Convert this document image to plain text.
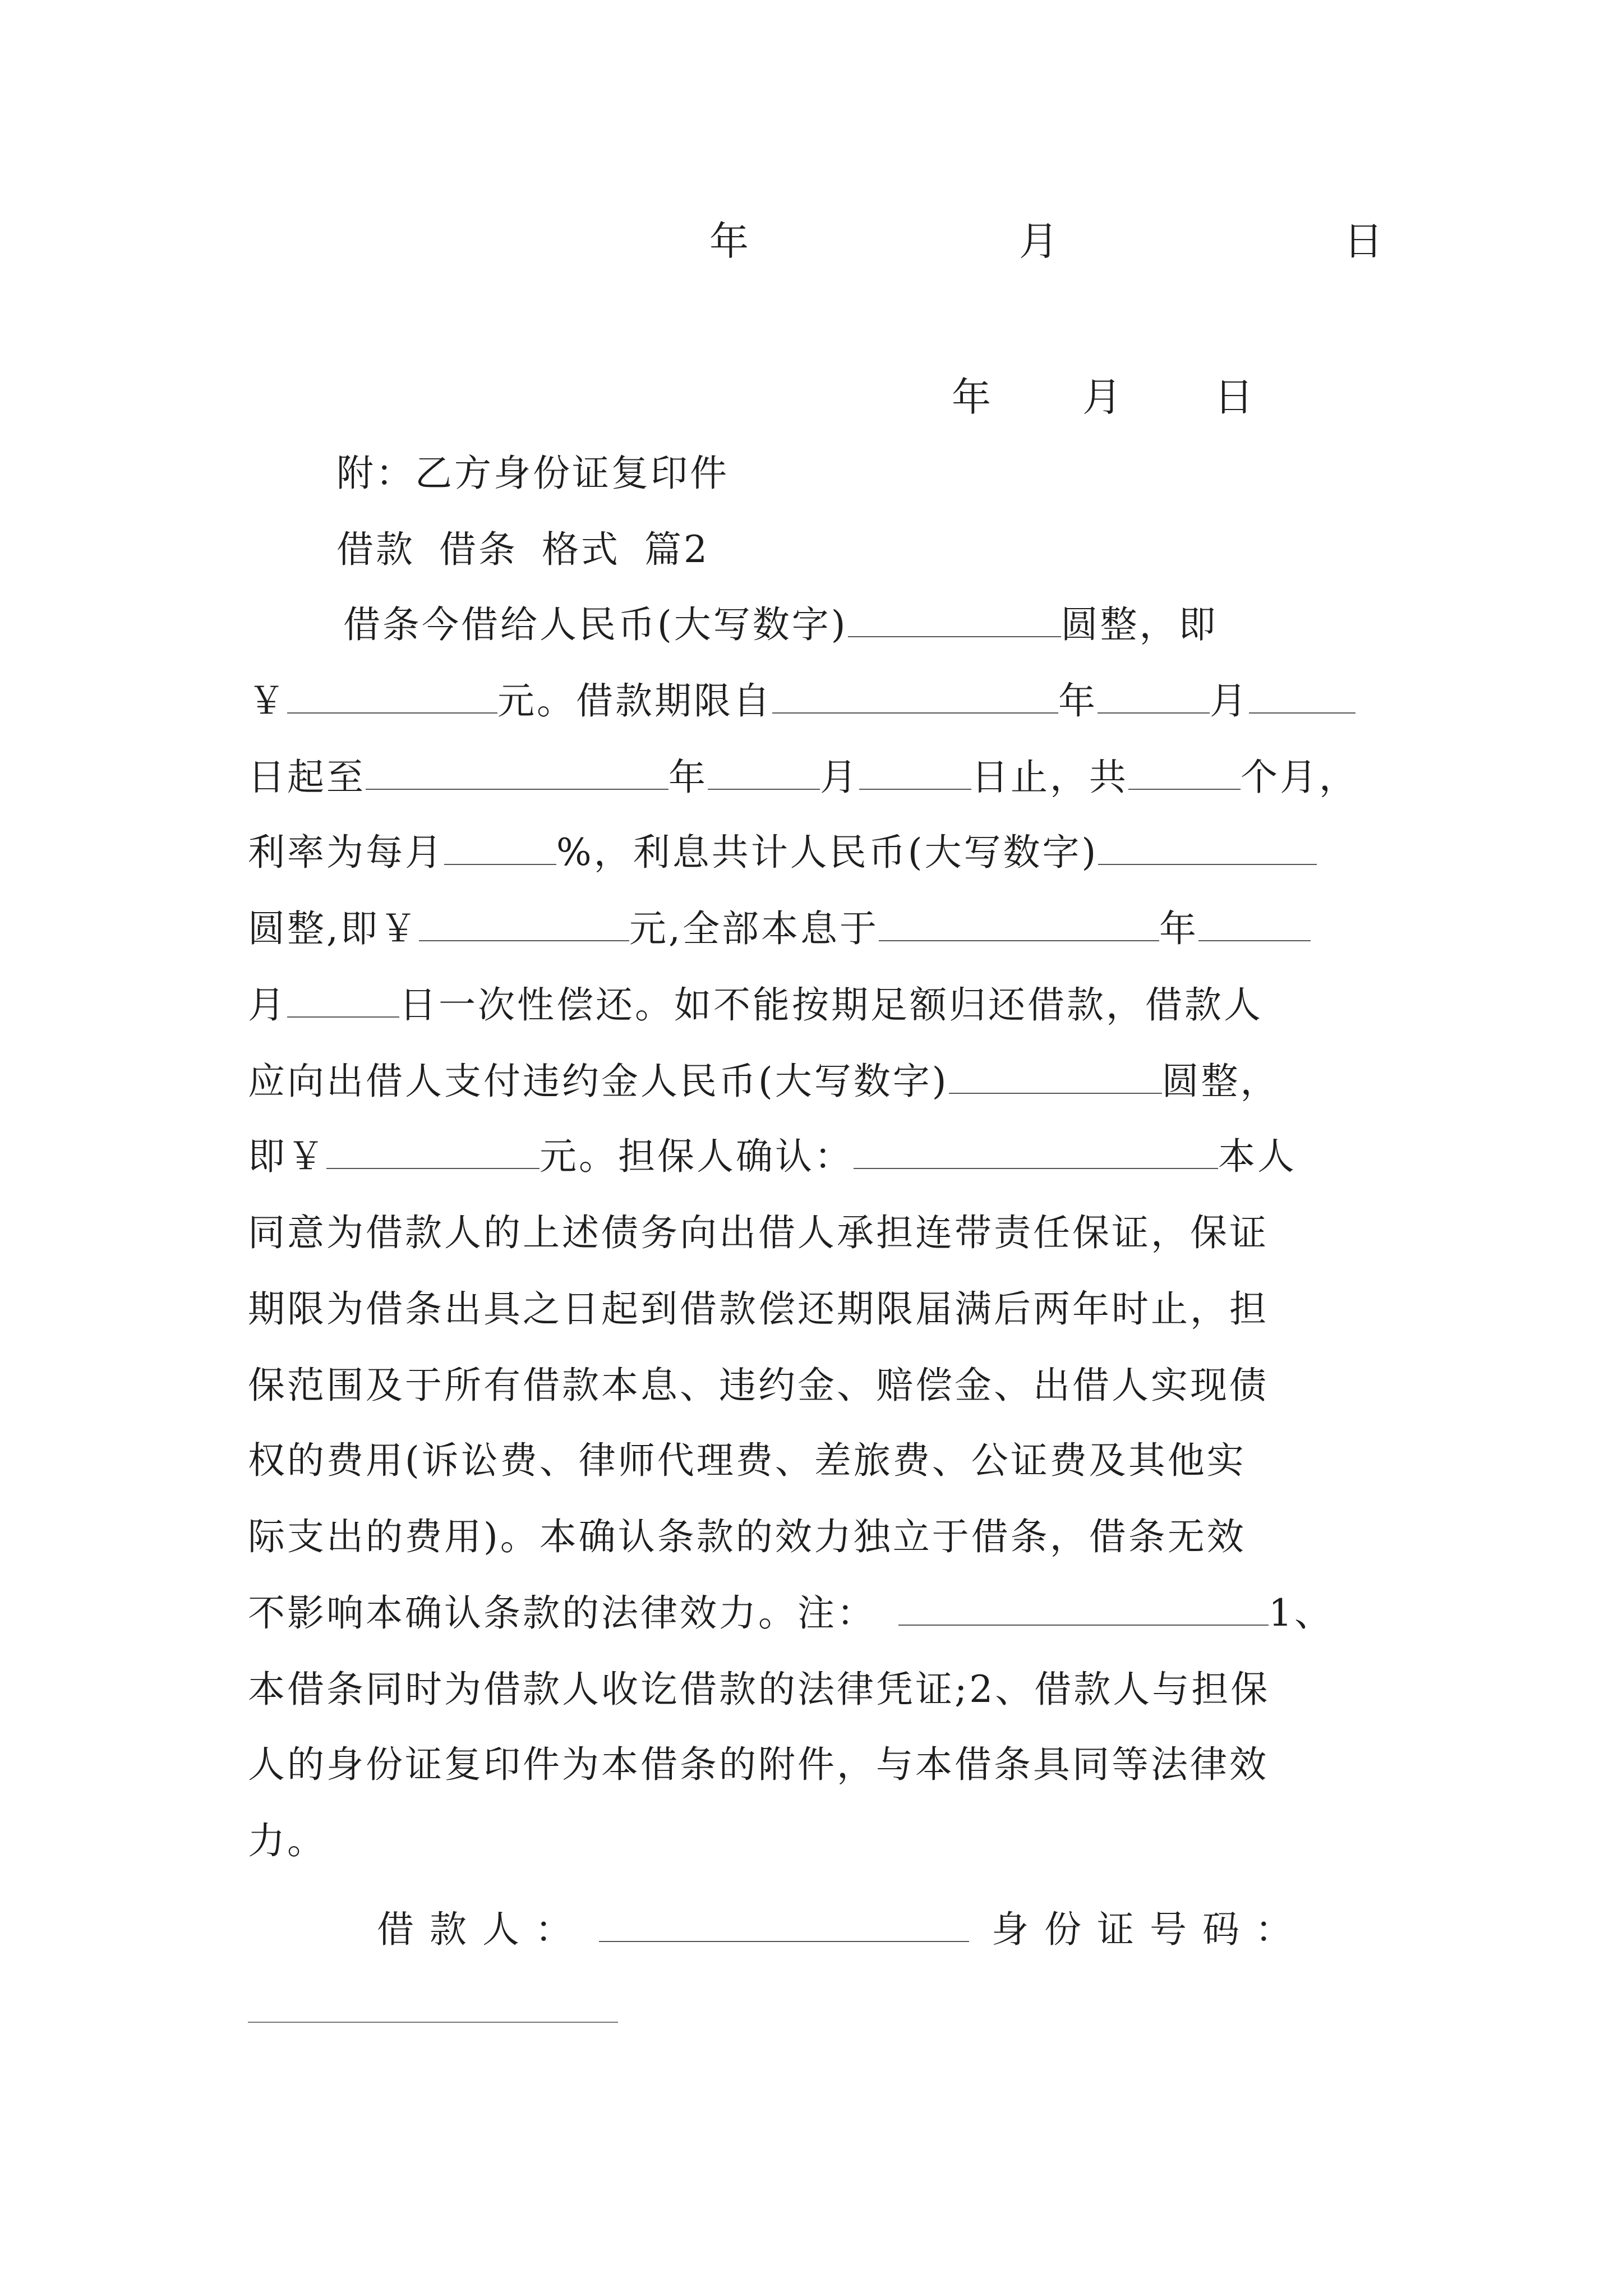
年	月	日
年 月 日
附：乙方身份证复印件
借款 借条 格式 篇2
借条今借给人民币(大写数字)	圆整，即
￥	元。借款期限自	年	月
日起至	年	月	日止，共	个月，
利率为每月	%，利息共计人民币(大写数字)
圆整,即￥	元,全部本息于	年
月	日一次性偿还。如不能按期足额归还借款，借款人
应向出借人支付违约金人民币(大写数字)	圆整，
即￥	元。担保人确认：	本人
同意为借款人的上述债务向出借人承担连带责任保证，保证
期限为借条出具之日起到借款偿还期限届满后两年时止，担
保范围及于所有借款本息、违约金、赔偿金、出借人实现债
权的费用(诉讼费、律师代理费、差旅费、公证费及其他实
际支出的费用)。本确认条款的效力独立于借条，借条无效
不影响本确认条款的法律效力。注：	1、
本借条同时为借款人收讫借款的法律凭证;2、借款人与担保
人的身份证复印件为本借条的附件，与本借条具同等法律效
力。
借款人：	身份证号码：
